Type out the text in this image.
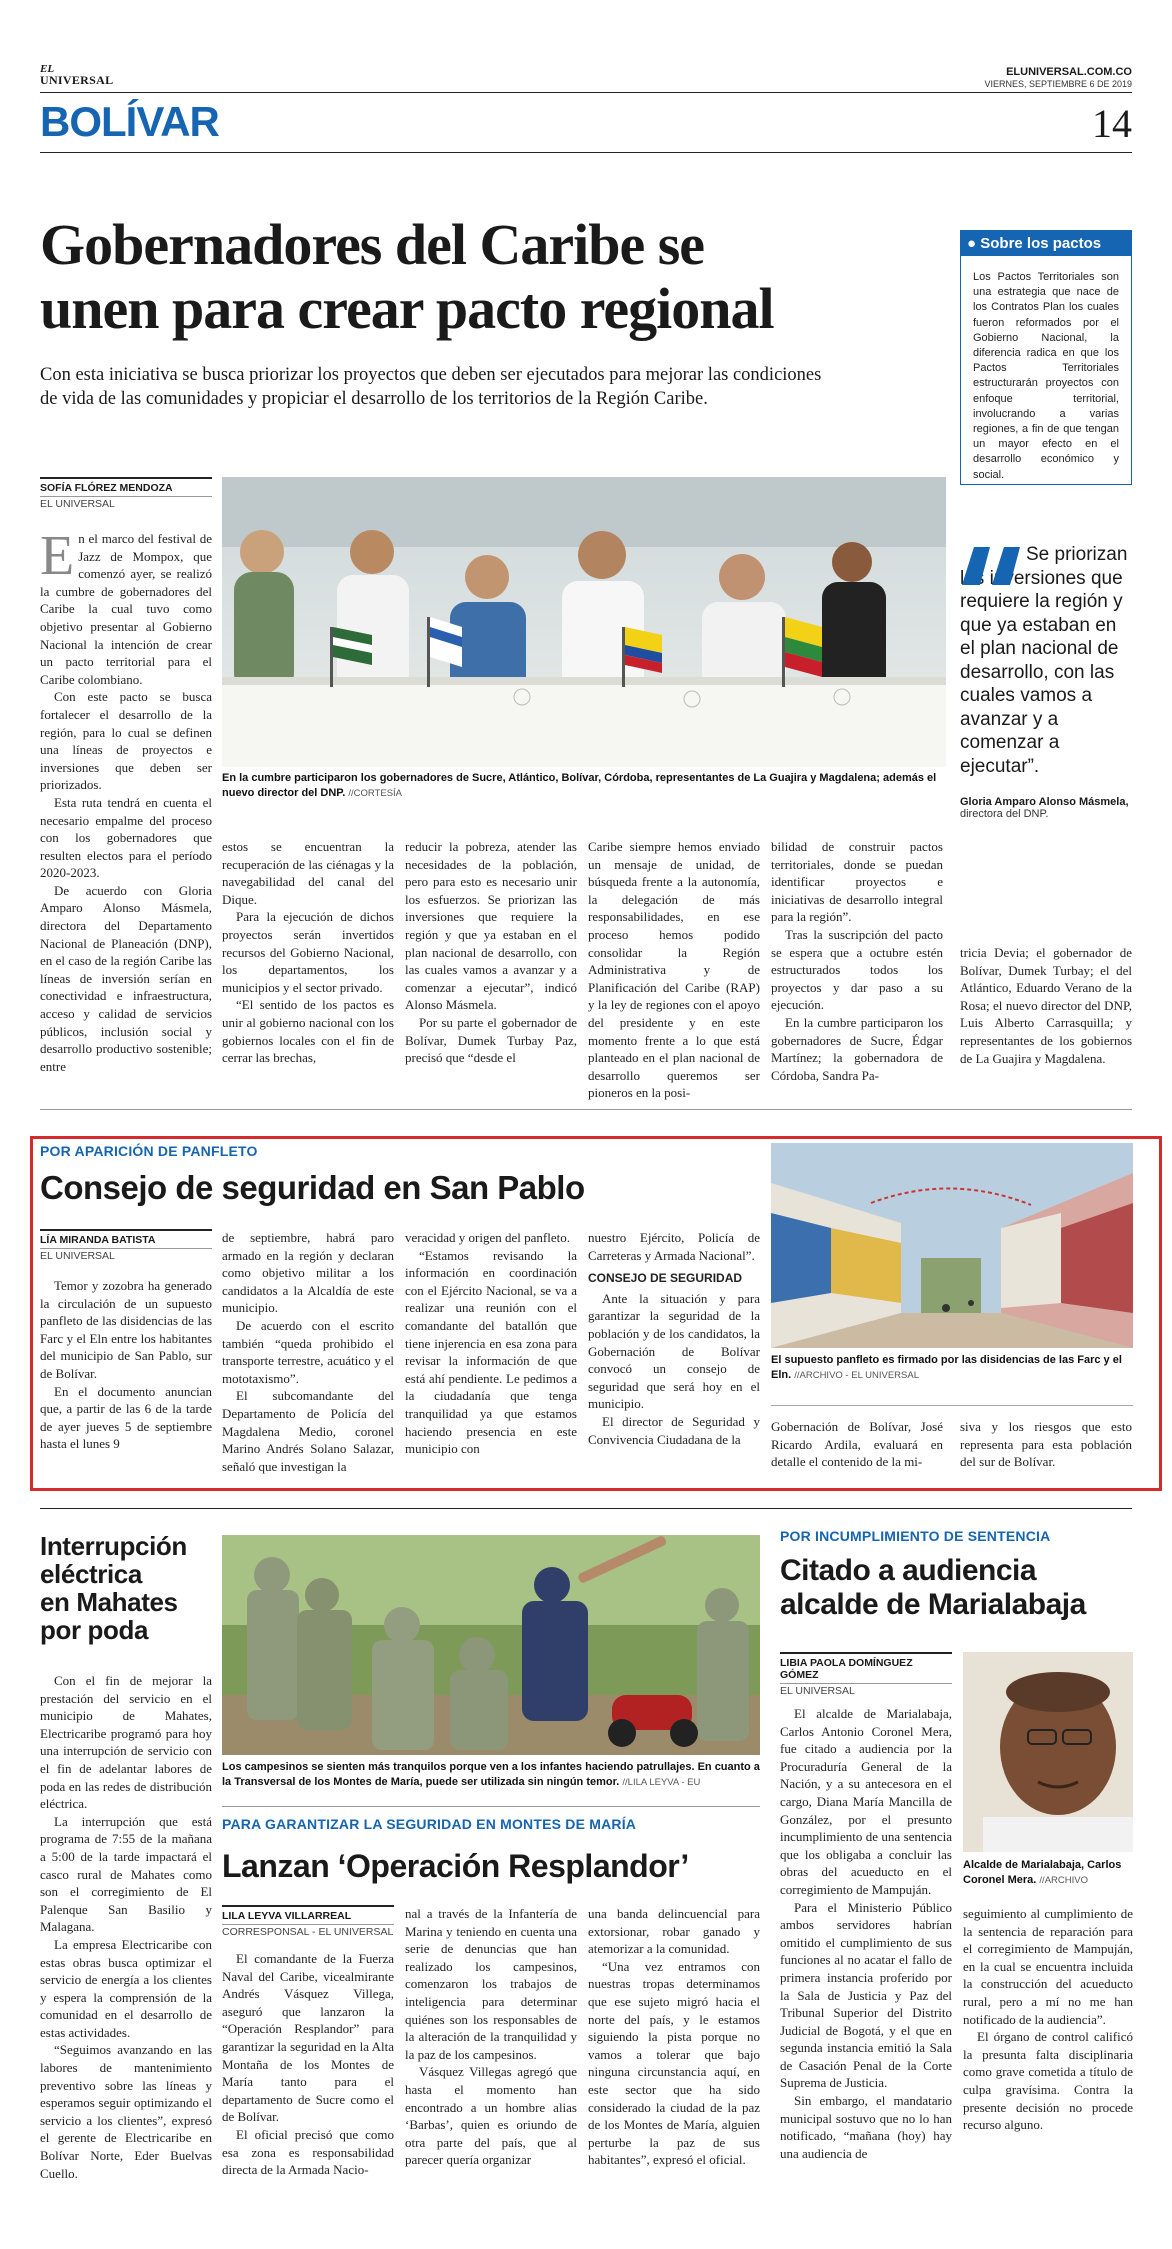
EL
UNIVERSAL
ELUNIVERSAL.COM.CO
VIERNES, SEPTIEMBRE 6 DE 2019
BOLÍVAR	14
Gobernadores del Caribe se
unen para crear pacto regional
Con esta iniciativa se busca priorizar los proyectos que deben ser ejecutados para mejorar las condiciones
de vida de las comunidades y propiciar el desarrollo de los territorios de la Región Caribe.
● Sobre los pactos
Los Pactos Territoriales son una estrategia que nace de los Contratos Plan los cuales fueron reformados por el Gobierno Nacional, la diferencia radica en que los Pactos Territoriales estructurarán proyectos con enfoque territorial, involucrando a varias regiones, a fin de que tengan un mayor efecto en el desarrollo económico y social.
Se priorizan las inversiones que requiere la región y que ya estaban en el plan nacional de desarrollo, con las cuales vamos a avanzar y a comenzar a ejecutar”.
Gloria Amparo Alonso Másmela,
directora del DNP.
SOFÍA FLÓREZ MENDOZA
EL UNIVERSAL
En la cumbre participaron los gobernadores de Sucre, Atlántico, Bolívar, Córdoba, representantes de La Guajira y Magdalena; además el nuevo director del DNP. //CORTESÍA

En el marco del festival de Jazz de Mompox, que comenzó ayer, se realizó la cumbre de gobernadores del Caribe la cual tuvo como objetivo presentar al Gobierno Nacional la intención de crear un pacto territorial para el Caribe colombiano.

Con este pacto se busca fortalecer el desarrollo de la región, para lo cual se definen una líneas de proyectos e inversiones que deben ser priorizados.

Esta ruta tendrá en cuenta el necesario empalme del proceso con los gobernadores que resulten electos para el período 2020-2023.

De acuerdo con Gloria Amparo Alonso Másmela, directora del Departamento Nacional de Planeación (DNP), en el caso de la región Caribe las líneas de inversión serían en conectividad e infraestructura, acceso y calidad de servicios públicos, inclusión social y desarrollo productivo sostenible; entre

estos se encuentran la recuperación de las ciénagas y la navegabilidad del canal del Dique.

Para la ejecución de dichos proyectos serán invertidos recursos del Gobierno Nacional, los departamentos, los municipios y el sector privado.

“El sentido de los pactos es unir al gobierno nacional con los gobiernos locales con el fin de cerrar las brechas,

reducir la pobreza, atender las necesidades de la población, pero para esto es necesario unir los esfuerzos. Se priorizan las inversiones que requiere la región y que ya estaban en el plan nacional de desarrollo, con las cuales vamos a avanzar y a comenzar a ejecutar”, indicó Alonso Másmela.

Por su parte el gobernador de Bolívar, Dumek Turbay Paz, precisó que “desde el

Caribe siempre hemos enviado un mensaje de unidad, de búsqueda frente a la autonomía, la delegación de más responsabilidades, en ese proceso hemos podido consolidar la Región Administrativa y de Planificación del Caribe (RAP) y la ley de regiones con el apoyo del presidente y en este momento frente a lo que está planteado en el plan nacional de desarrollo queremos ser pioneros en la posi-

bilidad de construir pactos territoriales, donde se puedan identificar proyectos e iniciativas de desarrollo integral para la región”.

Tras la suscripción del pacto se espera que a octubre estén estructurados todos los proyectos y dar paso a su ejecución.

En la cumbre participaron los gobernadores de Sucre, Édgar Martínez; la gobernadora de Córdoba, Sandra Pa-

tricia Devia; el gobernador de Bolívar, Dumek Turbay; el del Atlántico, Eduardo Verano de la Rosa; el nuevo director del DNP, Luis Alberto Carrasquilla; y representantes de los gobiernos de La Guajira y Magdalena.

POR APARICIÓN DE PANFLETO
Consejo de seguridad en San Pablo
LÍA MIRANDA BATISTA
EL UNIVERSAL

Temor y zozobra ha generado la circulación de un supuesto panfleto de las disidencias de las Farc y el Eln entre los habitantes del municipio de San Pablo, sur de Bolívar.

En el documento anuncian que, a partir de las 6 de la tarde de ayer jueves 5 de septiembre hasta el lunes 9

de septiembre, habrá paro armado en la región y declaran como objetivo militar a los candidatos a la Alcaldía de este municipio.

De acuerdo con el escrito también “queda prohibido el transporte terrestre, acuático y el mototaxismo”.

El subcomandante del Departamento de Policía del Magdalena Medio, coronel Marino Andrés Solano Salazar, señaló que investigan la

veracidad y origen del panfleto.

“Estamos revisando la información en coordinación con el Ejército Nacional, se va a realizar una reunión con el comandante del batallón que tiene injerencia en esa zona para revisar la información de que está ahí pendiente. Le pedimos a la ciudadanía que tenga tranquilidad ya que estamos haciendo presencia en este municipio con

nuestro Ejército, Policía de Carreteras y Armada Nacional”.

CONSEJO DE SEGURIDAD

Ante la situación y para garantizar la seguridad de la población y de los candidatos, la Gobernación de Bolívar convocó un consejo de seguridad que será hoy en el municipio.

El director de Seguridad y Convivencia Ciudadana de la

El supuesto panfleto es firmado por las disidencias de las Farc y el Eln. //ARCHIVO - EL UNIVERSAL

Gobernación de Bolívar, José Ricardo Ardila, evaluará en detalle el contenido de la mi-

siva y los riesgos que esto representa para esta población del sur de Bolívar.

Interrupción
eléctrica
en Mahates
por poda

Con el fin de mejorar la prestación del servicio en el municipio de Mahates, Electricaribe programó para hoy una interrupción de servicio con el fin de adelantar labores de poda en las redes de distribución eléctrica.

La interrupción que está programa de 7:55 de la mañana a 5:00 de la tarde impactará el casco rural de Mahates como son el corregimiento de El Palenque San Basilio y Malagana.

La empresa Electricaribe con estas obras busca optimizar el servicio de energía a los clientes y espera la comprensión de la comunidad en el desarrollo de estas actividades.

“Seguimos avanzando en las labores de mantenimiento preventivo sobre las líneas y esperamos seguir optimizando el servicio a los clientes”, expresó el gerente de Electricaribe en Bolívar Norte, Eder Buelvas Cuello.

Los campesinos se sienten más tranquilos porque ven a los infantes haciendo patrullajes. En cuanto a la Transversal de los Montes de María, puede ser utilizada sin ningún temor. //LILA LEYVA - EU
PARA GARANTIZAR LA SEGURIDAD EN MONTES DE MARÍA
Lanzan ‘Operación Resplandor’
LILA LEYVA VILLARREAL
CORRESPONSAL - EL UNIVERSAL

El comandante de la Fuerza Naval del Caribe, vicealmirante Andrés Vásquez Villega, aseguró que lanzaron la “Operación Resplandor” para garantizar la seguridad en la Alta Montaña de los Montes de María tanto para el departamento de Sucre como el de Bolívar.

El oficial precisó que como esa zona es responsabilidad directa de la Armada Nacio-

nal a través de la Infantería de Marina y teniendo en cuenta una serie de denuncias que han realizado los campesinos, comenzaron los trabajos de inteligencia para determinar quiénes son los responsables de la alteración de la tranquilidad y la paz de los campesinos.

Vásquez Villegas agregó que hasta el momento han encontrado a un hombre alias ‘Barbas’, quien es oriundo de otra parte del país, que al parecer quería organizar

una banda delincuencial para extorsionar, robar ganado y atemorizar a la comunidad.

“Una vez entramos con nuestras tropas determinamos que ese sujeto migró hacia el norte del país, y le estamos siguiendo la pista porque no vamos a tolerar que bajo ninguna circunstancia aquí, en este sector que ha sido considerado la ciudad de la paz de los Montes de María, alguien perturbe la paz de sus habitantes”, expresó el oficial.

POR INCUMPLIMIENTO DE SENTENCIA
Citado a audiencia
alcalde de Marialabaja
LIBIA PAOLA DOMÍNGUEZ GÓMEZ
EL UNIVERSAL

El alcalde de Marialabaja, Carlos Antonio Coronel Mera, fue citado a audiencia por la Procuraduría General de la Nación, y a su antecesora en el cargo, Diana María Mancilla de González, por el presunto incumplimiento de una sentencia que los obligaba a concluir las obras del acueducto en el corregimiento de Mampuján.

Para el Ministerio Público ambos servidores habrían omitido el cumplimiento de sus funciones al no acatar el fallo de primera instancia proferido por la Sala de Justicia y Paz del Tribunal Superior del Distrito Judicial de Bogotá, y el que en segunda instancia emitió la Sala de Casación Penal de la Corte Suprema de Justicia.

Sin embargo, el mandatario municipal sostuvo que no lo han notificado, “mañana (hoy) hay una audiencia de

Alcalde de Marialabaja, Carlos Coronel Mera. //ARCHIVO

seguimiento al cumplimiento de la sentencia de reparación para el corregimiento de Mampuján, en la cual se encuentra incluida la construcción del acueducto rural, pero a mí no me han notificado de la audiencia”.

El órgano de control calificó la presunta falta disciplinaria como grave cometida a título de culpa gravísima. Contra la presente decisión no procede recurso alguno.
